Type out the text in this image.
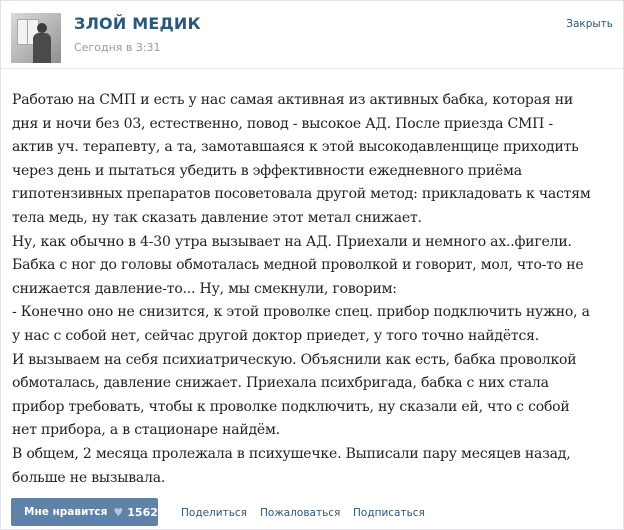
ЗЛОЙ МЕДИК
Сегодня в 3:31
Закрыть

Работаю на СМП и есть у нас самая активная из активных бабка, которая ни

дня и ночи без 03, естественно, повод - высокое АД. После приезда СМП -

актив уч. терапевту, а та, замотавшаяся к этой высокодавленщице приходить

через день и пытаться убедить в эффективности ежедневного приёма

гипотензивных препаратов посоветовала другой метод: прикладовать к частям

тела медь, ну так сказать давление этот метал снижает.

Ну, как обычно в 4-30 утра вызывает на АД. Приехали и немного ах..фигели.

Бабка с ног до головы обмоталась медной проволкой и говорит, мол, что-то не

снижается давление-то... Ну, мы смекнули, говорим:

- Конечно оно не снизится, к этой проволке спец. прибор подключить нужно, а

у нас с собой нет, сейчас другой доктор приедет, у того точно найдётся.

И вызываем на себя психиатрическую. Объяснили как есть, бабка проволкой

обмоталась, давление снижает. Приехала психбригада, бабка с них стала

прибор требовать, чтобы к проволке подключить, ну сказали ей, что с собой

нет прибора, а в стационаре найдём.

В общем, 2 месяца пролежала в психушечке. Выписали пару месяцев назад,

больше не вызывала.

Мне нравится ♥ 1562 Поделиться Пожаловаться Подписаться
